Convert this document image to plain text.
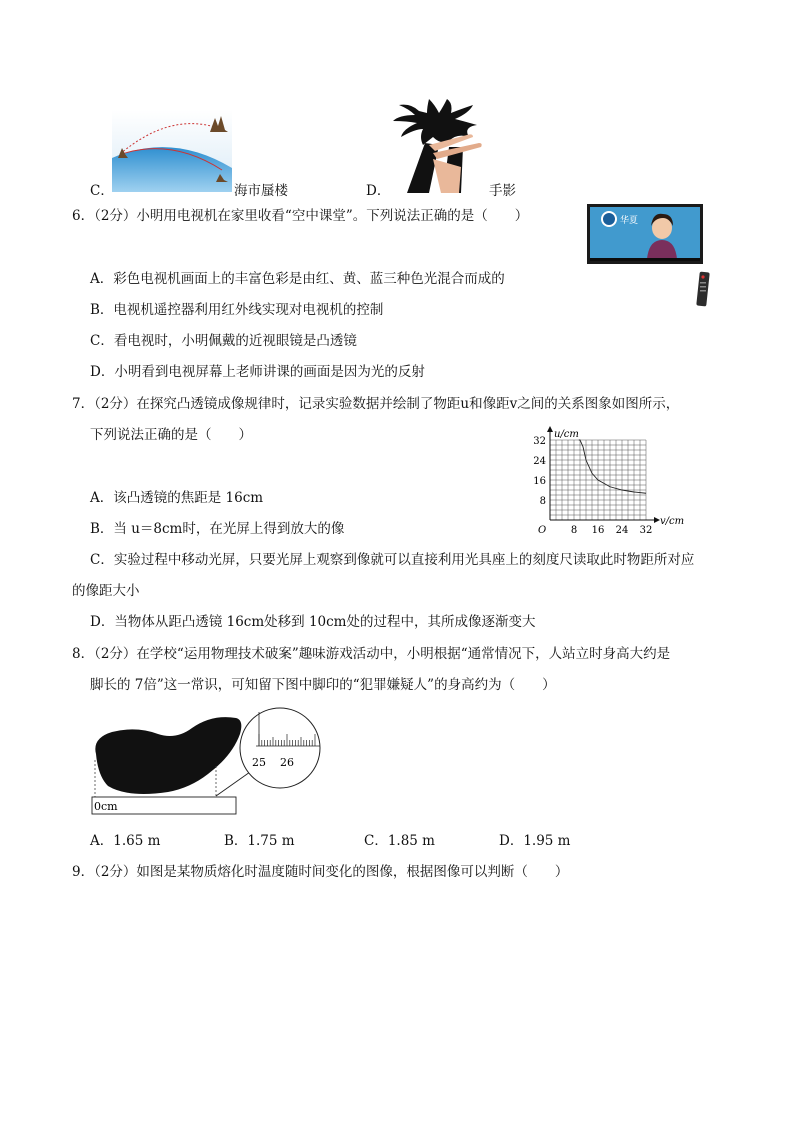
C．	海市蜃楼	D．	手影
6．（2分）小明用电视机在家里收看“空中课堂”。下列说法正确的是（　　）	华夏
A．彩色电视机画面上的丰富色彩是由红、黄、蓝三种色光混合而成的
B．电视机遥控器利用红外线实现对电视机的控制
C．看电视时，小明佩戴的近视眼镜是凸透镜
D．小明看到电视屏幕上老师讲课的画面是因为光的反射
7．（2分）在探究凸透镜成像规律时，记录实验数据并绘制了物距u和像距v之间的关系图象如图所示，
下列说法正确的是（　　）
8 16 24 32
8
16
24
32
u/cm
v/cm
O
A．该凸透镜的焦距是 16cm
B．当 u＝8cm时，在光屏上得到放大的像
C．实验过程中移动光屏，只要光屏上观察到像就可以直接利用光具座上的刻度尺读取此时物距所对应
的像距大小
D．当物体从距凸透镜 16cm处移到 10cm处的过程中，其所成像逐渐变大
8．（2分）在学校“运用物理技术破案”趣味游戏活动中，小明根据“通常情况下，人站立时身高大约是
脚长的 7倍”这一常识，可知留下图中脚印的“犯罪嫌疑人”的身高约为（　　）
0cm
25 26
A．1.65 m	B．1.75 m	C．1.85 m	D．1.95 m
9．（2分）如图是某物质熔化时温度随时间变化的图像，根据图像可以判断（　　）
